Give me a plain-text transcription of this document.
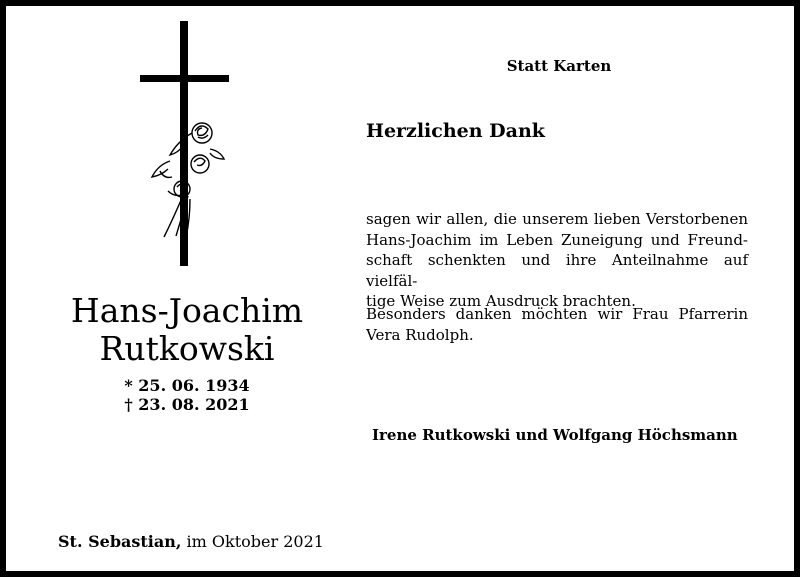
Hans-Joachim
Rutkowski
* 25. 06. 1934
† 23. 08. 2021
St. Sebastian, im Oktober 2021
Statt Karten
Herzlichen Dank
sagen wir allen, die unserem lieben Verstorbenen
Hans-Joachim im Leben Zuneigung und Freund-
schaft schenkten und ihre Anteilnahme auf vielfäl-
tige Weise zum Ausdruck brachten.
Besonders danken möchten wir Frau Pfarrerin
Vera Rudolph.
Irene Rutkowski und Wolfgang Höchsmann
